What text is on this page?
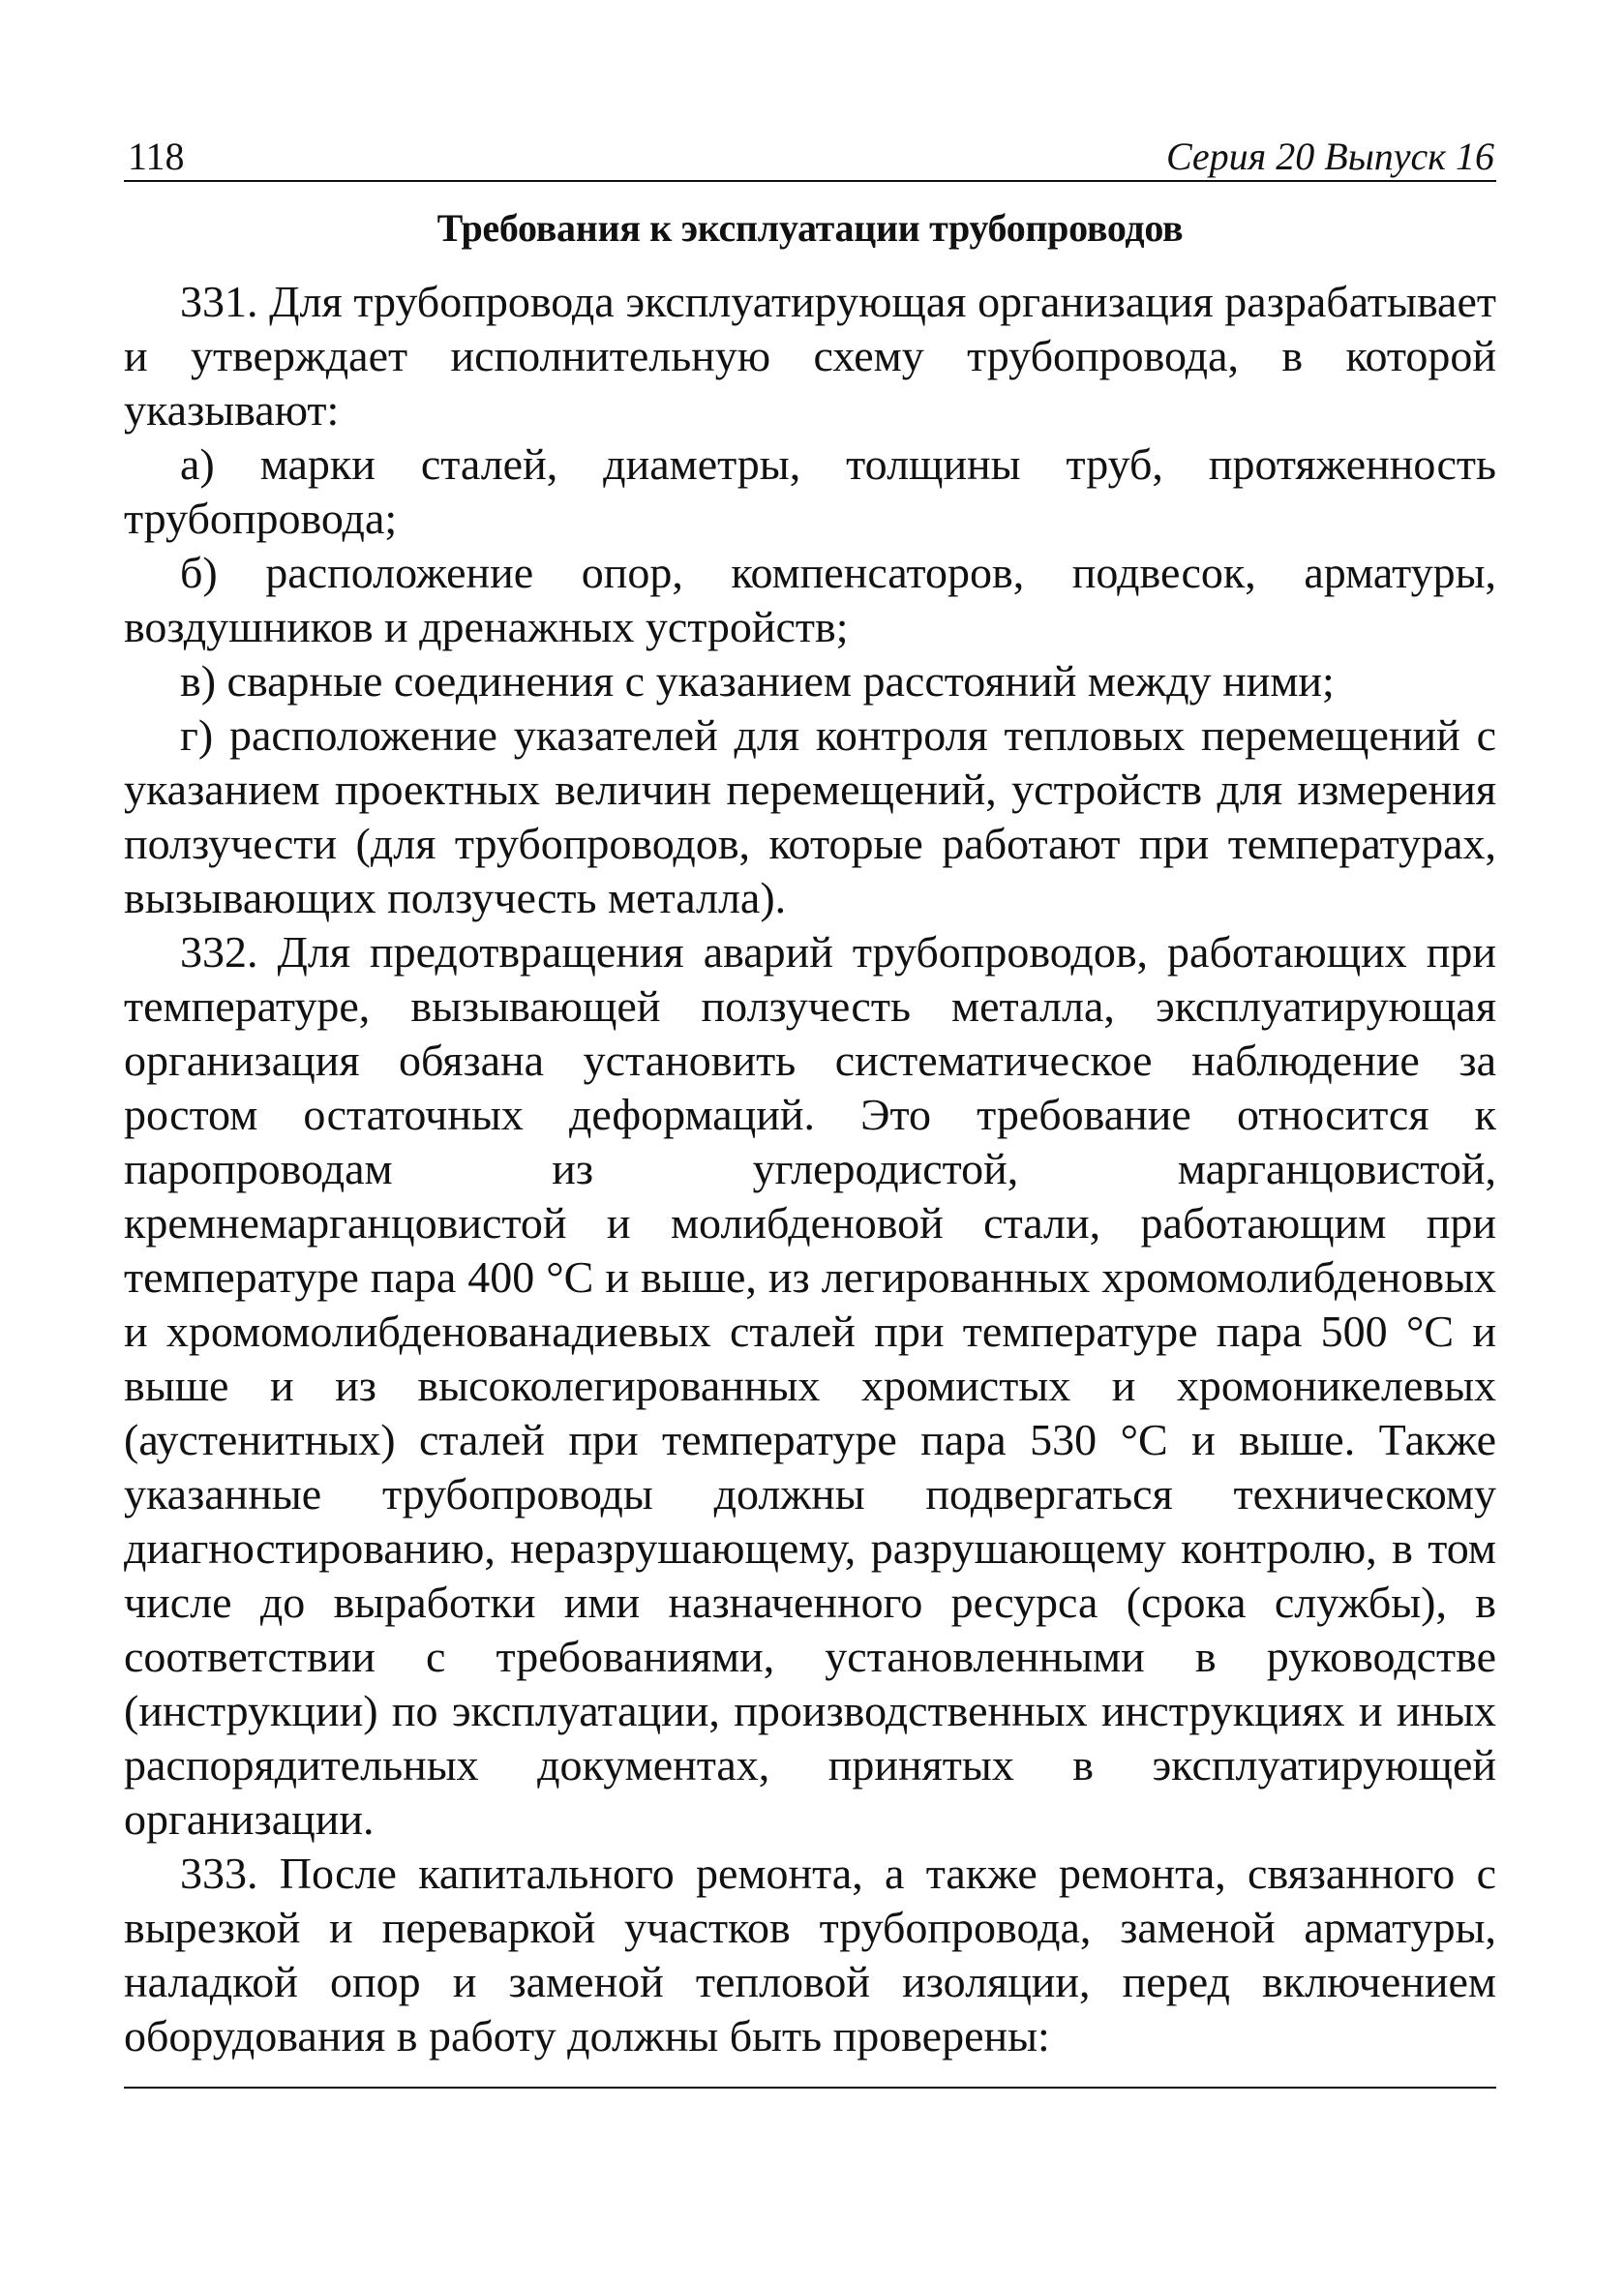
118	Серия 20 Выпуск 16
Требования к эксплуатации трубопроводов

331. Для трубопровода эксплуатирующая организация разрабатывает и утверждает исполнительную схему трубопровода, в которой указывают:

а) марки сталей, диаметры, толщины труб, протяженность трубопровода;

б) расположение опор, компенсаторов, подвесок, арматуры, воздушников и дренажных устройств;

в) сварные соединения с указанием расстояний между ними;

г) расположение указателей для контроля тепловых перемещений с указанием проектных величин перемещений, устройств для измерения ползучести (для трубопроводов, которые работают при температурах, вызывающих ползучесть металла).

332. Для предотвращения аварий трубопроводов, работающих при температуре, вызывающей ползучесть металла, эксплуатирующая организация обязана установить систематическое наблюдение за ростом остаточных деформаций. Это требование относится к паропроводам из углеродистой, марганцовистой, кремнемарганцовистой и молибденовой стали, работающим при температуре пара 400 °С и выше, из легированных хромомолибденовых и хромомолибденованадиевых сталей при температуре пара 500 °С и выше и из высоколегированных хромистых и хромоникелевых (аустенитных) сталей при температуре пара 530 °С и выше. Также указанные трубопроводы должны подвергаться техническому диагностированию, неразрушающему, разрушающему контролю, в том числе до выработки ими назначенного ресурса (срока службы), в соответствии с требованиями, установленными в руководстве (инструкции) по эксплуатации, производственных инструкциях и иных распорядительных документах, принятых в эксплуатирующей организации.

333. После капитального ремонта, а также ремонта, связанного с вырезкой и переваркой участков трубопровода, заменой арматуры, наладкой опор и заменой тепловой изоляции, перед включением оборудования в работу должны быть проверены:
